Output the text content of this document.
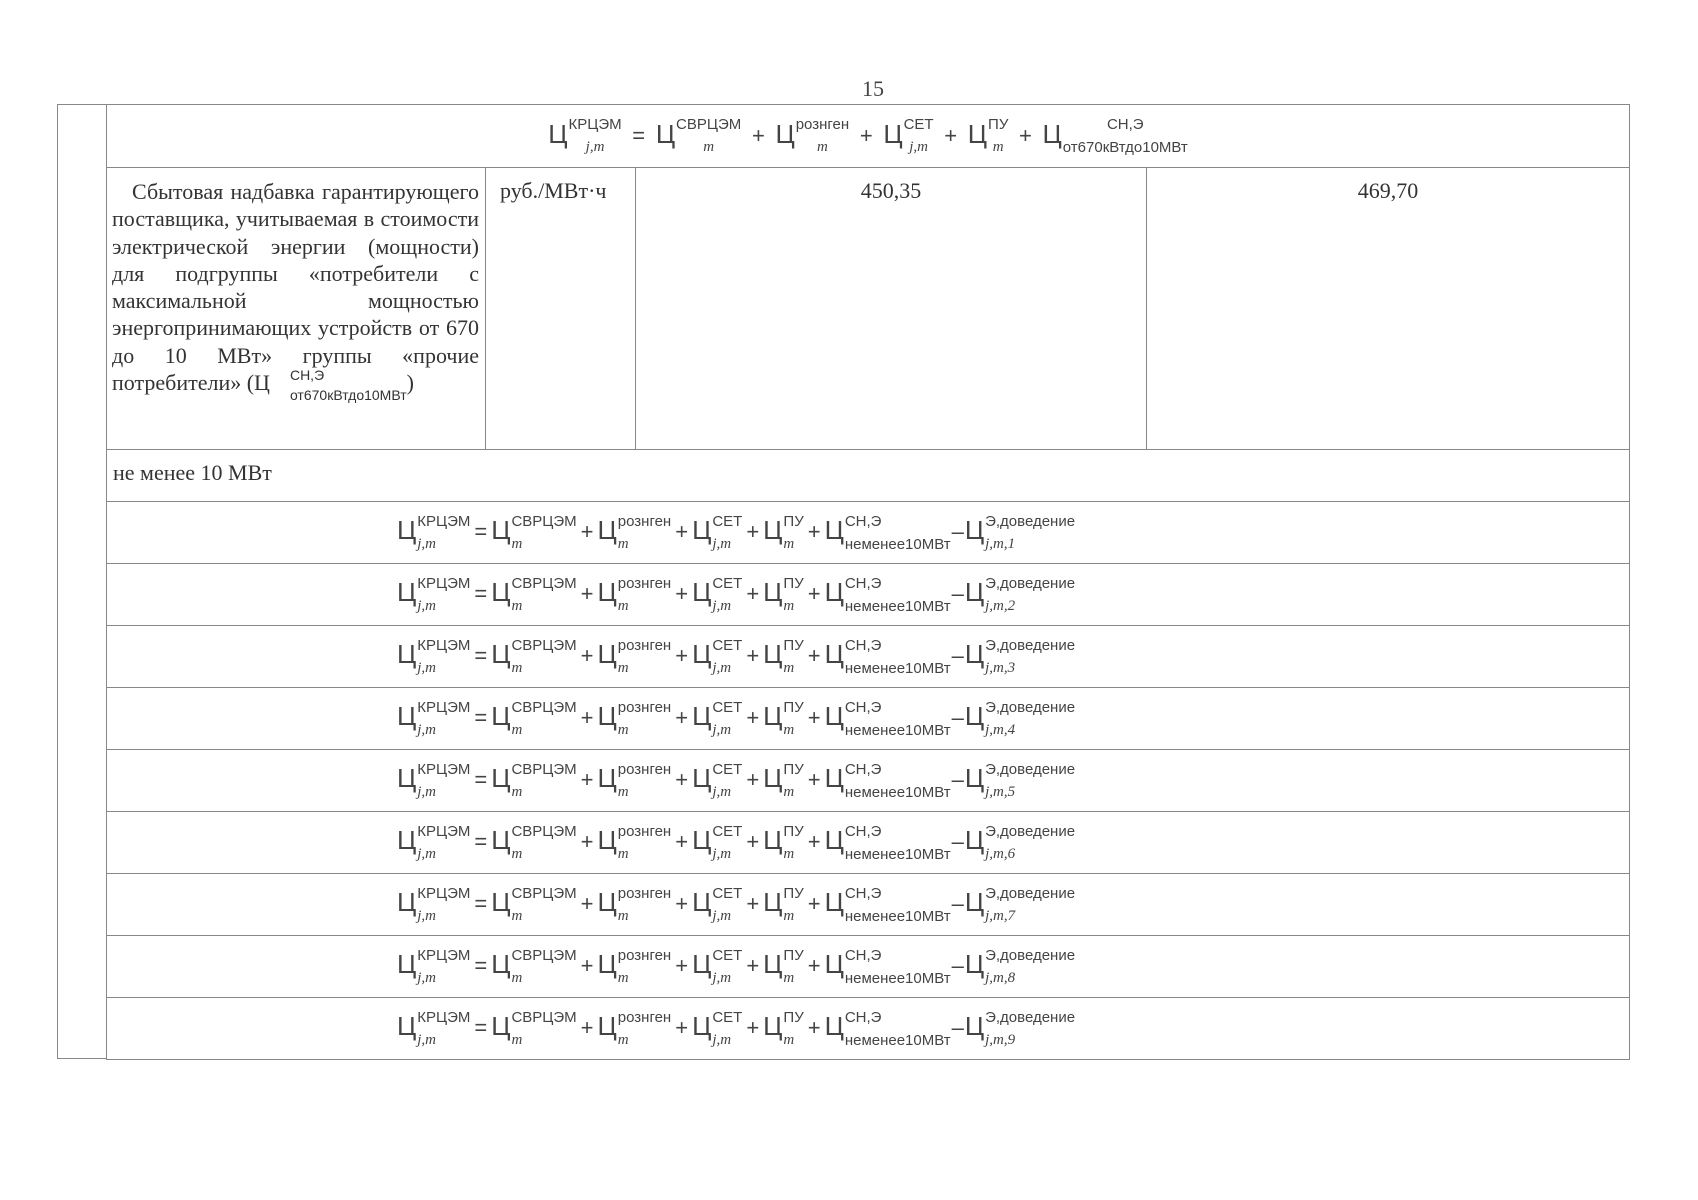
15
Ц КРЦЭМ
j,m	= Ц СВРЦЭМ
m	+ Ц рознген
m	+ Ц СЕТ
j,m + Ц ПУ
m + Ц	СН,Э
от670кВтдо10МВт

Сбытовая надбавка гарантирующего поставщика, учитываемая в стоимости электрической энергии (мощности) для подгруппы «потребители с максимальной мощностью энергопринимающих устройств от 670 до 10 МВт» группы «прочие потребители» (Ц	СН,Э
от670кВтдо10МВт )
	руб./МВт·ч	450,35	469,70
не менее 10 МВт
Ц КРЦЭМ
j,m	= Ц СВРЦЭМ
m	+ Ц рознген
m	+ Ц СЕТ
j,m + Ц ПУ
m + Ц СН,Э
неменее10МВт
–Ц Э,доведение
j,m,1

Ц КРЦЭМ
j,m	= Ц СВРЦЭМ
m	+ Ц рознген
m	+ Ц СЕТ
j,m + Ц ПУ
m + Ц СН,Э
неменее10МВт
–Ц Э,доведение
j,m,2

Ц КРЦЭМ
j,m	= Ц СВРЦЭМ
m	+ Ц рознген
m	+ Ц СЕТ
j,m + Ц ПУ
m + Ц СН,Э
неменее10МВт
–Ц Э,доведение
j,m,3

Ц КРЦЭМ
j,m	= Ц СВРЦЭМ
m	+ Ц рознген
m	+ Ц СЕТ
j,m + Ц ПУ
m + Ц СН,Э
неменее10МВт
–Ц Э,доведение
j,m,4

Ц КРЦЭМ
j,m	= Ц СВРЦЭМ
m	+ Ц рознген
m	+ Ц СЕТ
j,m + Ц ПУ
m + Ц СН,Э
неменее10МВт
–Ц Э,доведение
j,m,5

Ц КРЦЭМ
j,m	= Ц СВРЦЭМ
m	+ Ц рознген
m	+ Ц СЕТ
j,m + Ц ПУ
m + Ц СН,Э
неменее10МВт
–Ц Э,доведение
j,m,6

Ц КРЦЭМ
j,m	= Ц СВРЦЭМ
m	+ Ц рознген
m	+ Ц СЕТ
j,m + Ц ПУ
m + Ц СН,Э
неменее10МВт
–Ц Э,доведение
j,m,7

Ц КРЦЭМ
j,m	= Ц СВРЦЭМ
m	+ Ц рознген
m	+ Ц СЕТ
j,m + Ц ПУ
m + Ц СН,Э
неменее10МВт
–Ц Э,доведение
j,m,8

Ц КРЦЭМ
j,m	= Ц СВРЦЭМ
m	+ Ц рознген
m	+ Ц СЕТ
j,m + Ц ПУ
m + Ц СН,Э
неменее10МВт
–Ц Э,доведение
j,m,9
